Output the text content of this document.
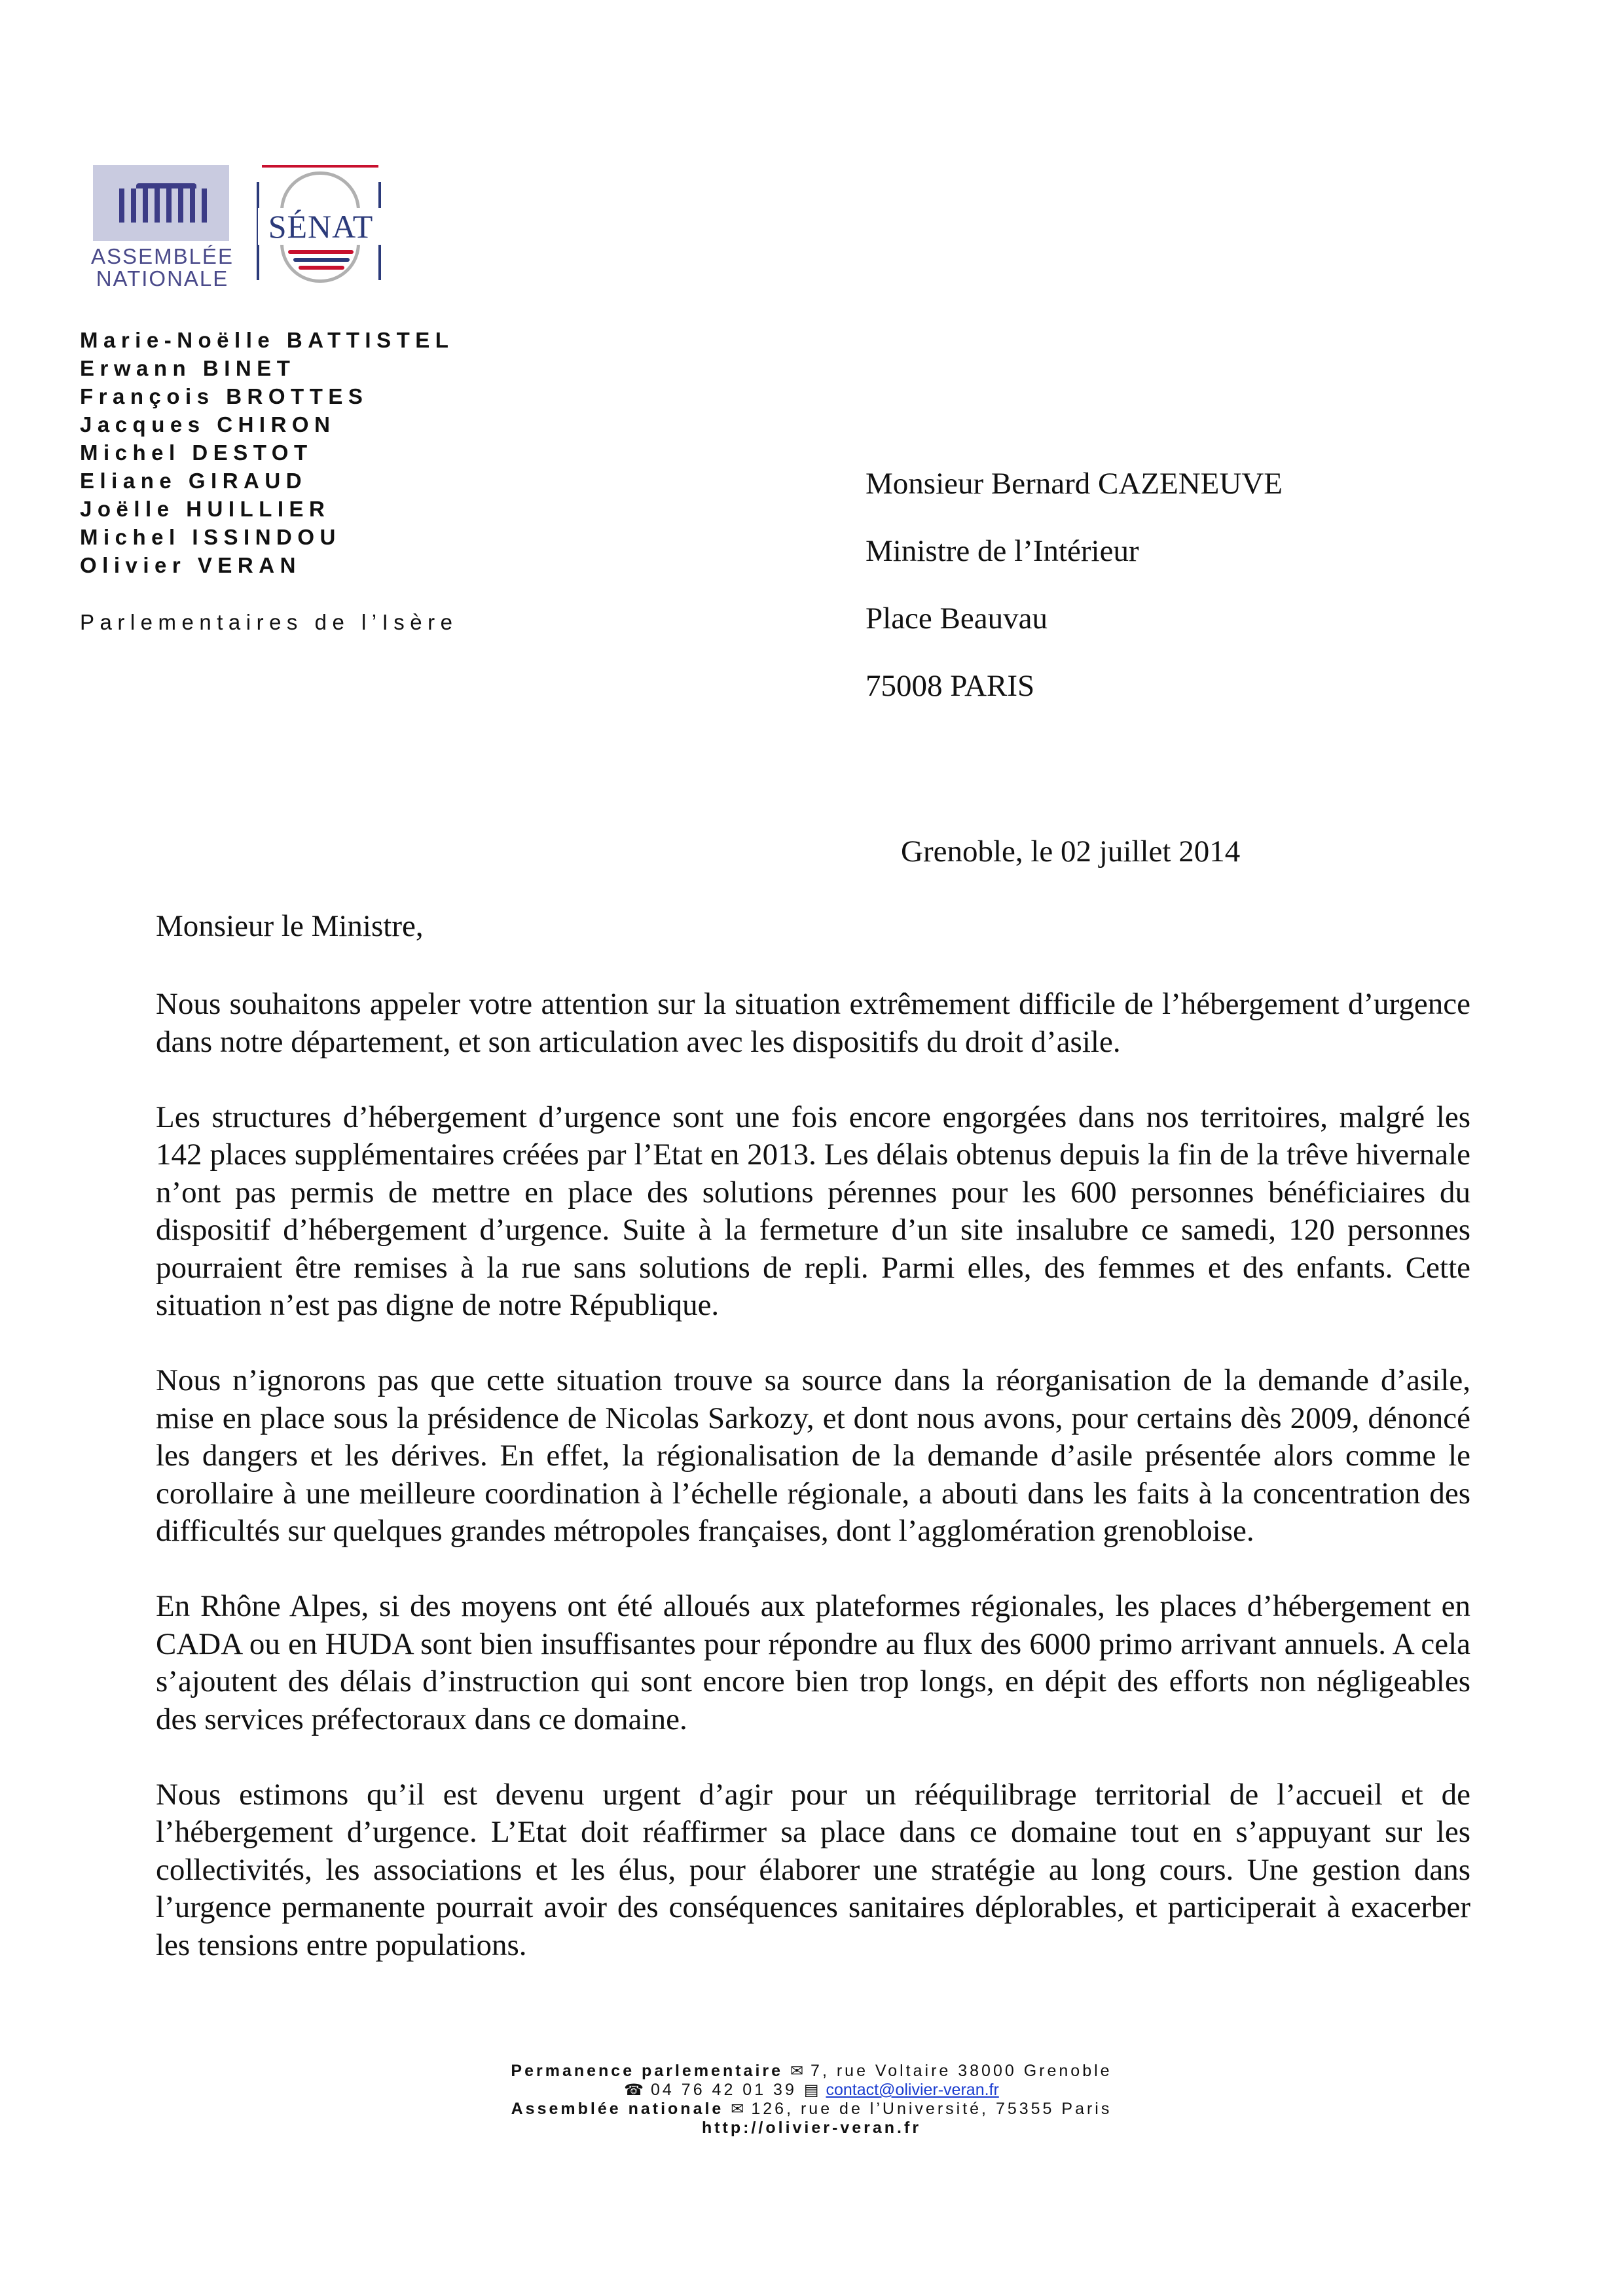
ASSEMBLÉE
NATIONALE
SÉNAT
Marie-Noëlle BATTISTEL
Erwann BINET
François BROTTES
Jacques CHIRON
Michel DESTOT
Eliane GIRAUD
Joëlle HUILLIER
Michel ISSINDOU
Olivier VERAN
Parlementaires de l’Isère
Monsieur Bernard CAZENEUVE
Ministre de l’Intérieur
Place Beauvau
75008 PARIS
Grenoble, le 02 juillet 2014
Monsieur le Ministre,

Nous souhaitons appeler votre attention sur la situation extrêmement difficile de l’hébergement d’urgence dans notre département, et son articulation avec les dispositifs du droit d’asile.

Les structures d’hébergement d’urgence sont une fois encore engorgées dans nos territoires, malgré les 142 places supplémentaires créées par l’Etat en 2013. Les délais obtenus depuis la fin de la trêve hivernale n’ont pas permis de mettre en place des solutions pérennes pour les 600 personnes bénéficiaires du dispositif d’hébergement d’urgence. Suite à la fermeture d’un site insalubre ce samedi, 120 personnes pourraient être remises à la rue sans solutions de repli. Parmi elles, des femmes et des enfants. Cette situation n’est pas digne de notre République.

Nous n’ignorons pas que cette situation trouve sa source dans la réorganisation de la demande d’asile, mise en place sous la présidence de Nicolas Sarkozy, et dont nous avons, pour certains dès 2009, dénoncé les dangers et les dérives. En effet, la régionalisation de la demande d’asile présentée alors comme le corollaire à une meilleure coordination à l’échelle régionale, a abouti dans les faits à la concentration des difficultés sur quelques grandes métropoles françaises, dont l’agglomération grenobloise.

En Rhône Alpes, si des moyens ont été alloués aux plateformes régionales, les places d’hébergement en CADA ou en HUDA sont bien insuffisantes pour répondre au flux des 6000 primo arrivant annuels. A cela s’ajoutent des délais d’instruction qui sont encore bien trop longs, en dépit des efforts non négligeables des services préfectoraux dans ce domaine.

Nous estimons qu’il est devenu urgent d’agir pour un rééquilibrage territorial de l’accueil et de l’hébergement d’urgence. L’Etat doit réaffirmer sa place dans ce domaine tout en s’appuyant sur les collectivités, les associations et les élus, pour élaborer une stratégie au long cours. Une gestion dans l’urgence permanente pourrait avoir des conséquences sanitaires déplorables, et participerait à exacerber les tensions entre populations.

Permanence parlementaire ✉ 7, rue Voltaire 38000 Grenoble
☎ 04 76 42 01 39 ▤ contact@olivier-veran.fr
Assemblée nationale ✉ 126, rue de l’Université, 75355 Paris
http://olivier-veran.fr
